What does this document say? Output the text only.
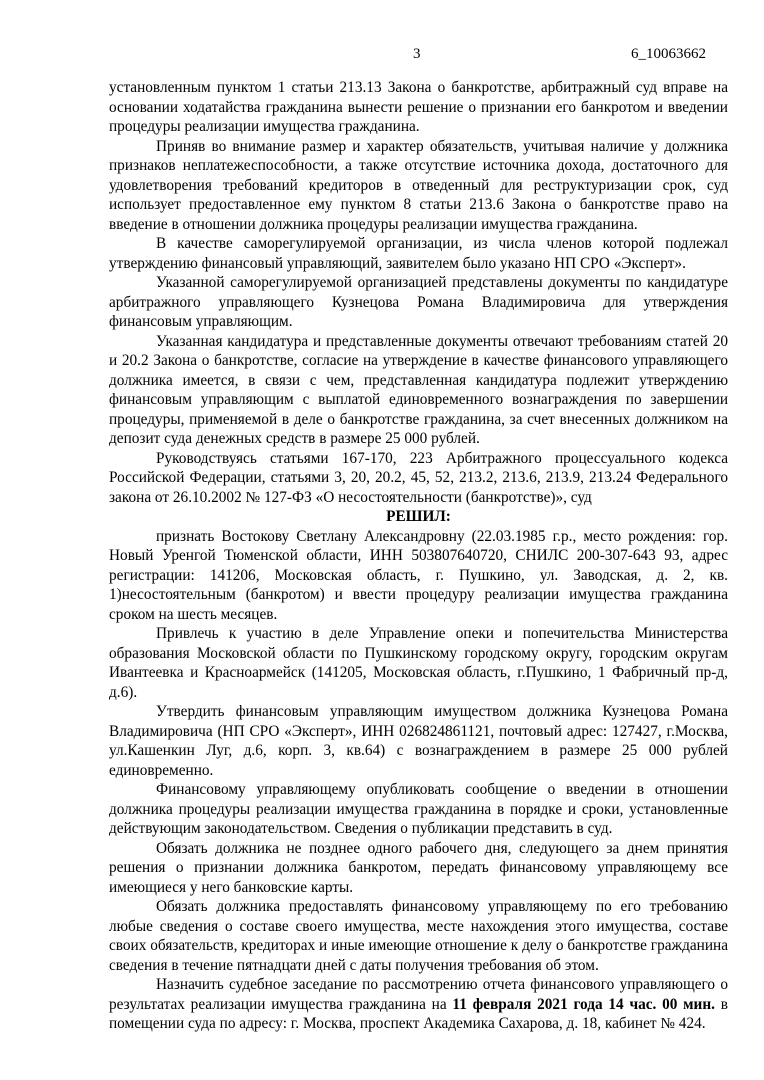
3	6_10063662

установленным пунктом 1 статьи 213.13 Закона о банкротстве, арбитражный суд вправе на основании ходатайства гражданина вынести решение о признании его банкротом и введении процедуры реализации имущества гражданина.

Приняв во внимание размер и характер обязательств, учитывая наличие у должника признаков неплатежеспособности, а также отсутствие источника дохода, достаточного для удовлетворения требований кредиторов в отведенный для реструктуризации срок, суд использует предоставленное ему пунктом 8 статьи 213.6 Закона о банкротстве право на введение в отношении должника процедуры реализации имущества гражданина.

В качестве саморегулируемой организации, из числа членов которой подлежал утверждению финансовый управляющий, заявителем было указано НП СРО «Эксперт».

Указанной саморегулируемой организацией представлены документы по кандидатуре арбитражного управляющего Кузнецова Романа Владимировича для утверждения финансовым управляющим.

Указанная кандидатура и представленные документы отвечают требованиям статей 20 и 20.2 Закона о банкротстве, согласие на утверждение в качестве финансового управляющего должника имеется, в связи с чем, представленная кандидатура подлежит утверждению финансовым управляющим с выплатой единовременного вознаграждения по завершении процедуры, применяемой в деле о банкротстве гражданина, за счет внесенных должником на депозит суда денежных средств в размере 25 000 рублей.

Руководствуясь статьями 167-170, 223 Арбитражного процессуального кодекса Российской Федерации, статьями 3, 20, 20.2, 45, 52, 213.2, 213.6, 213.9, 213.24 Федерального закона от 26.10.2002 № 127-ФЗ «О несостоятельности (банкротстве)», суд

РЕШИЛ:

признать Востокову Светлану Александровну (22.03.1985 г.р., место рождения: гор. Новый Уренгой Тюменской области, ИНН 503807640720, СНИЛС 200-307-643 93, адрес регистрации: 141206, Московская область, г. Пушкино, ул. Заводская, д. 2, кв. 1)несостоятельным (банкротом) и ввести процедуру реализации имущества гражданина сроком на шесть месяцев.

Привлечь к участию в деле Управление опеки и попечительства Министерства образования Московской области по Пушкинскому городскому округу, городским округам Ивантеевка и Красноармейск (141205, Московская область, г.Пушкино, 1 Фабричный пр-д, д.6).

Утвердить финансовым управляющим имуществом должника Кузнецова Романа Владимировича (НП СРО «Эксперт», ИНН 026824861121, почтовый адрес: 127427, г.Москва, ул.Кашенкин Луг, д.6, корп. 3, кв.64) с вознаграждением в размере 25 000 рублей единовременно.

Финансовому управляющему опубликовать сообщение о введении в отношении должника процедуры реализации имущества гражданина в порядке и сроки, установленные действующим законодательством. Сведения о публикации представить в суд.

Обязать должника не позднее одного рабочего дня, следующего за днем принятия решения о признании должника банкротом, передать финансовому управляющему все имеющиеся у него банковские карты.

Обязать должника предоставлять финансовому управляющему по его требованию любые сведения о составе своего имущества, месте нахождения этого имущества, составе своих обязательств, кредиторах и иные имеющие отношение к делу о банкротстве гражданина сведения в течение пятнадцати дней с даты получения требования об этом.

Назначить судебное заседание по рассмотрению отчета финансового управляющего о результатах реализации имущества гражданина на 11 февраля 2021 года 14 час. 00 мин. в помещении суда по адресу: г. Москва, проспект Академика Сахарова, д. 18, кабинет № 424.
